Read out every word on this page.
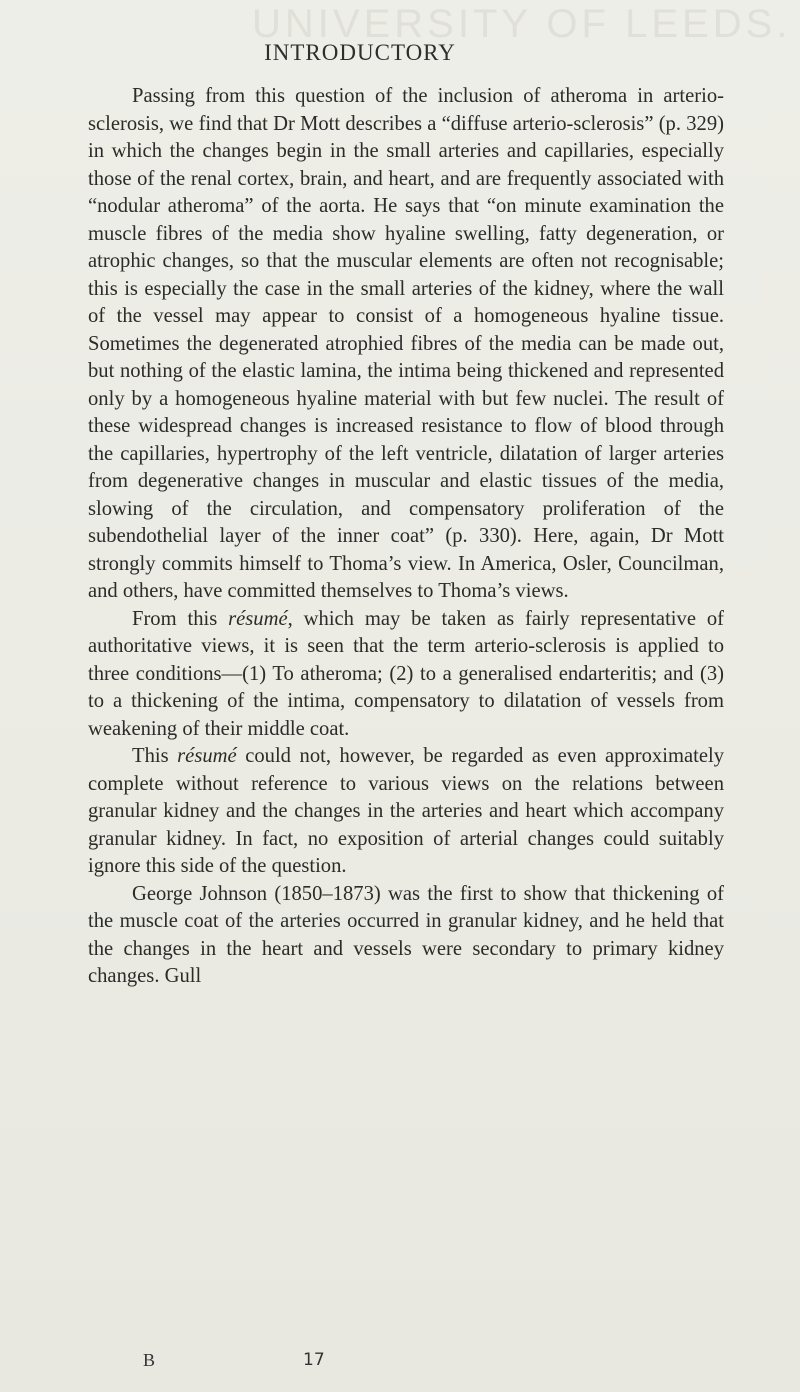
UNIVERSITY OF LEEDS.
INTRODUCTORY

Passing from this question of the inclusion of atheroma in arterio-sclerosis, we find that Dr Mott describes a “diffuse arterio-sclerosis” (p. 329) in which the changes begin in the small arteries and capillaries, especially those of the renal cortex, brain, and heart, and are frequently associated with “nodular atheroma” of the aorta. He says that “on minute examination the muscle fibres of the media show hyaline swelling, fatty degeneration, or atrophic changes, so that the muscular elements are often not recognisable; this is especially the case in the small arteries of the kidney, where the wall of the vessel may appear to consist of a homogeneous hyaline tissue. Sometimes the degenerated atrophied fibres of the media can be made out, but nothing of the elastic lamina, the intima being thickened and represented only by a homogeneous hyaline material with but few nuclei. The result of these widespread changes is increased resistance to flow of blood through the capillaries, hypertrophy of the left ventricle, dilatation of larger arteries from degenerative changes in muscular and elastic tissues of the media, slowing of the circulation, and compensatory proliferation of the subendothelial layer of the inner coat” (p. 330). Here, again, Dr Mott strongly commits himself to Thoma’s view. In America, Osler, Councilman, and others, have committed themselves to Thoma’s views.

From this résumé, which may be taken as fairly representative of authoritative views, it is seen that the term arterio-sclerosis is applied to three conditions—(1) To atheroma; (2) to a generalised endarteritis; and (3) to a thickening of the intima, compensatory to dilatation of vessels from weakening of their middle coat.

This résumé could not, however, be regarded as even approximately complete without reference to various views on the relations between granular kidney and the changes in the arteries and heart which accompany granular kidney. In fact, no exposition of arterial changes could suitably ignore this side of the question.

George Johnson (1850–1873) was the first to show that thickening of the muscle coat of the arteries occurred in granular kidney, and he held that the changes in the heart and vessels were secondary to primary kidney changes. Gull

B	17
